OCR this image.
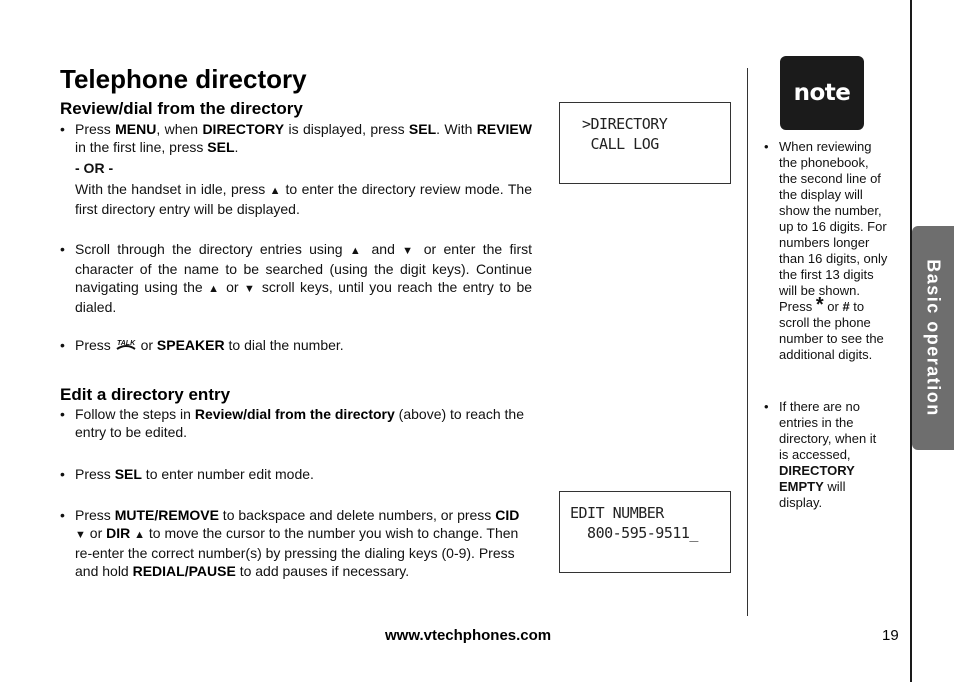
Basic operation
Telephone directory
Review/dial from the directory
• Press MENU, when DIRECTORY is displayed, press SEL. With REVIEW in the first line, press SEL.
- OR -
With the handset in idle, press ▲ to enter the directory review mode. The first directory entry will be displayed.
• Scroll through the directory entries using ▲ and ▼ or enter the first character of the name to be searched (using the digit keys). Continue navigating using the ▲ or ▼ scroll keys, until you reach the entry to be dialed.
• Press TALK or SPEAKER to dial the number.
Edit a directory entry
• Follow the steps in Review/dial from the directory (above) to reach the entry to be edited.
• Press SEL to enter number edit mode.
• Press MUTE/REMOVE to backspace and delete numbers, or press CID ▼ or DIR ▲ to move the cursor to the number you wish to change. Then re-enter the correct number(s) by pressing the dialing keys (0-9). Press and hold REDIAL/PAUSE to add pauses if necessary.
>DIRECTORY
CALL LOG
EDIT NUMBER
800-595-9511_
note
• When reviewing the phonebook, the second line of the display will show the number, up to 16 digits. For numbers longer than 16 digits, only the first 13 digits will be shown. Press * or # to scroll the phone number to see the additional digits.
• If there are no entries in the directory, when it is accessed, DIRECTORY EMPTY will display.
www.vtechphones.com	19
